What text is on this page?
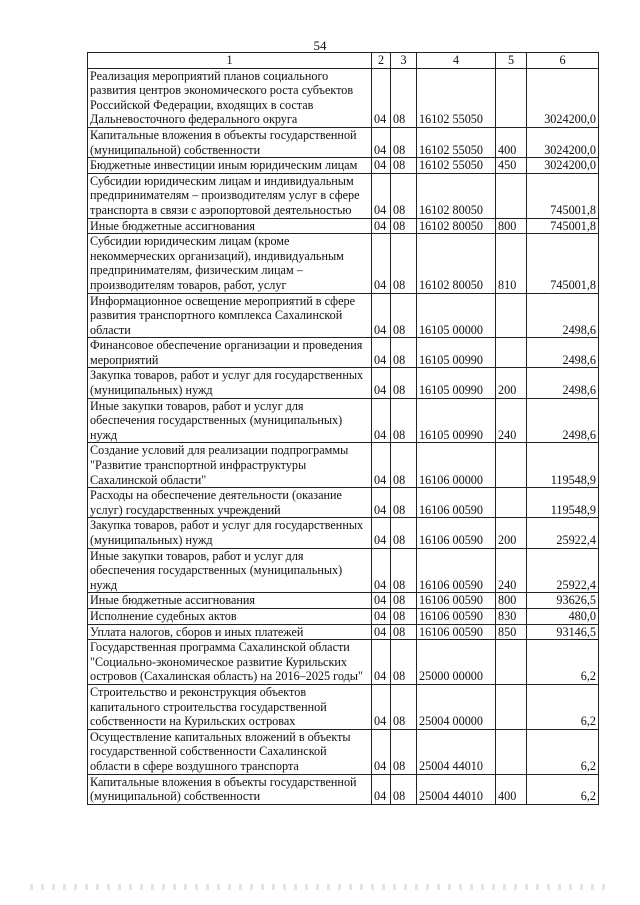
54
1	2	3	4	5	6
Реализация мероприятий планов социального развития центров экономического роста субъектов Российской Федерации, входящих в состав Дальневосточного федерального округа	04	08	16102 55050		3024200,0
Капитальные вложения в объекты государственной (муниципальной) собственности	04	08	16102 55050	400	3024200,0
Бюджетные инвестиции иным юридическим лицам	04	08	16102 55050	450	3024200,0
Субсидии юридическим лицам и индивидуальным предпринимателям – производителям услуг в сфере транспорта в связи с аэропортовой деятельностью	04	08	16102 80050		745001,8
Иные бюджетные ассигнования	04	08	16102 80050	800	745001,8
Субсидии юридическим лицам (кроме некоммерческих организаций), индивидуальным предпринимателям, физическим лицам – производителям товаров, работ, услуг	04	08	16102 80050	810	745001,8
Информационное освещение мероприятий в сфере развития транспортного комплекса Сахалинской области	04	08	16105 00000		2498,6
Финансовое обеспечение организации и проведения мероприятий	04	08	16105 00990		2498,6
Закупка товаров, работ и услуг для государственных (муниципальных) нужд	04	08	16105 00990	200	2498,6
Иные закупки товаров, работ и услуг для обеспечения государственных (муниципальных) нужд	04	08	16105 00990	240	2498,6
Создание условий для реализации подпрограммы "Развитие транспортной инфраструктуры Сахалинской области"	04	08	16106 00000		119548,9
Расходы на обеспечение деятельности (оказание услуг) государственных учреждений	04	08	16106 00590		119548,9
Закупка товаров, работ и услуг для государственных (муниципальных) нужд	04	08	16106 00590	200	25922,4
Иные закупки товаров, работ и услуг для обеспечения государственных (муниципальных) нужд	04	08	16106 00590	240	25922,4
Иные бюджетные ассигнования	04	08	16106 00590	800	93626,5
Исполнение судебных актов	04	08	16106 00590	830	480,0
Уплата налогов, сборов и иных платежей	04	08	16106 00590	850	93146,5
Государственная программа Сахалинской области "Социально-экономическое развитие Курильских островов (Сахалинская область) на 2016–2025 годы"	04	08	25000 00000		6,2
Строительство и реконструкция объектов капитального строительства государственной собственности на Курильских островах	04	08	25004 00000		6,2
Осуществление капитальных вложений в объекты государственной собственности Сахалинской области в сфере воздушного транспорта	04	08	25004 44010		6,2
Капитальные вложения в объекты государственной (муниципальной) собственности	04	08	25004 44010	400	6,2
